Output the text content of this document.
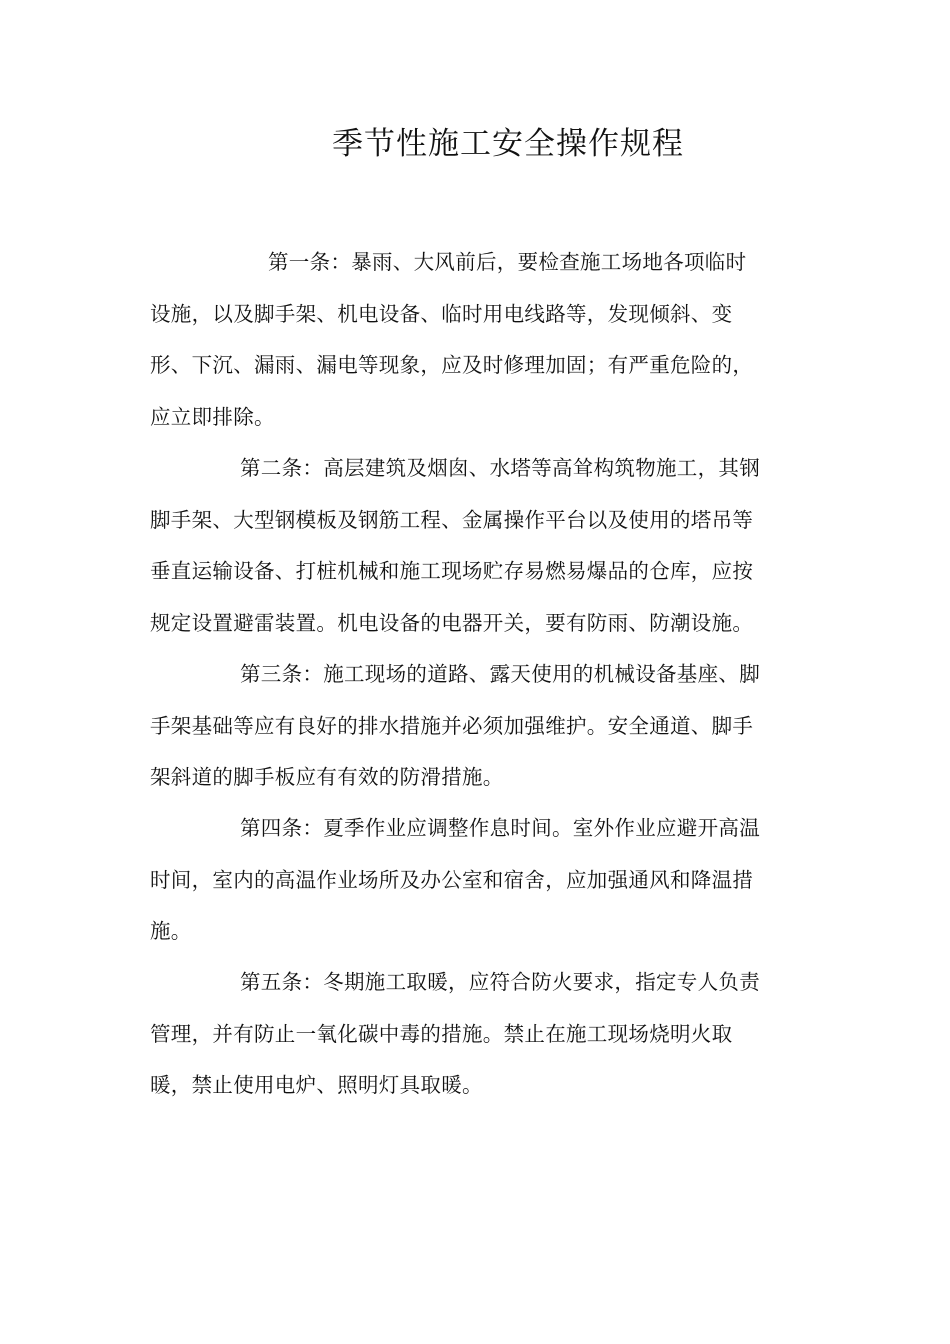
季节性施工安全操作规程
第一条：暴雨、大风前后，要检查施工场地各项临时
设施，以及脚手架、机电设备、临时用电线路等，发现倾斜、变
形、下沉、漏雨、漏电等现象，应及时修理加固；有严重危险的，
应立即排除。
第二条：高层建筑及烟囱、水塔等高耸构筑物施工，其钢
脚手架、大型钢模板及钢筋工程、金属操作平台以及使用的塔吊等
垂直运输设备、打桩机械和施工现场贮存易燃易爆品的仓库，应按
规定设置避雷装置。机电设备的电器开关，要有防雨、防潮设施。
第三条：施工现场的道路、露天使用的机械设备基座、脚
手架基础等应有良好的排水措施并必须加强维护。安全通道、脚手
架斜道的脚手板应有有效的防滑措施。
第四条：夏季作业应调整作息时间。室外作业应避开高温
时间，室内的高温作业场所及办公室和宿舍，应加强通风和降温措
施。
第五条：冬期施工取暖，应符合防火要求，指定专人负责
管理，并有防止一氧化碳中毒的措施。禁止在施工现场烧明火取
暖，禁止使用电炉、照明灯具取暖。
